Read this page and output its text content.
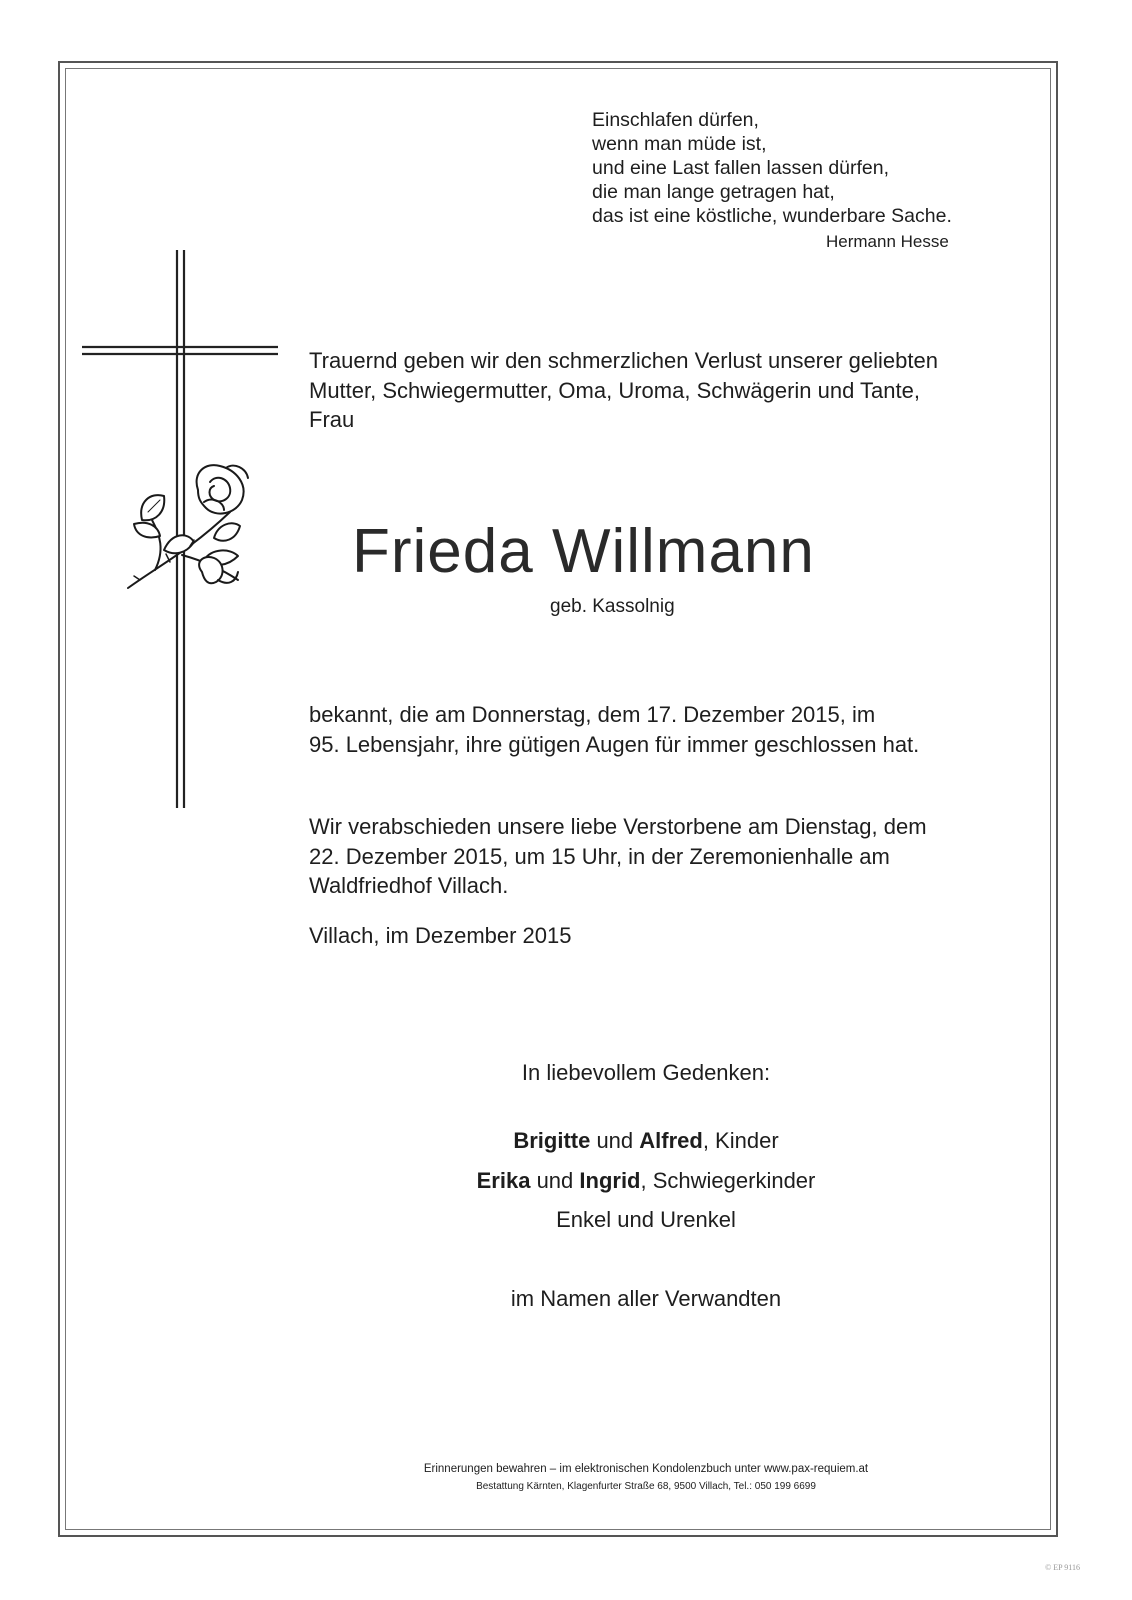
Einschlafen dürfen,
wenn man müde ist,
und eine Last fallen lassen dürfen,
die man lange getragen hat,
das ist eine köstliche, wunderbare Sache.
Hermann Hesse
Trauernd geben wir den schmerzlichen Verlust unserer geliebten
Mutter, Schwiegermutter, Oma, Uroma, Schwägerin und Tante,
Frau
Frieda Willmann
geb. Kassolnig
bekannt, die am Donnerstag, dem 17. Dezember 2015, im
95. Lebensjahr, ihre gütigen Augen für immer geschlossen hat.
Wir verabschieden unsere liebe Verstorbene am Dienstag, dem
22. Dezember 2015, um 15 Uhr, in der Zeremonienhalle am
Waldfriedhof Villach.
Villach, im Dezember 2015
In liebevollem Gedenken:
Brigitte und Alfred, Kinder
Erika und Ingrid, Schwiegerkinder
Enkel und Urenkel
im Namen aller Verwandten
Erinnerungen bewahren – im elektronischen Kondolenzbuch unter www.pax-requiem.at
Bestattung Kärnten, Klagenfurter Straße 68, 9500 Villach, Tel.: 050 199 6699
© EP 9116
